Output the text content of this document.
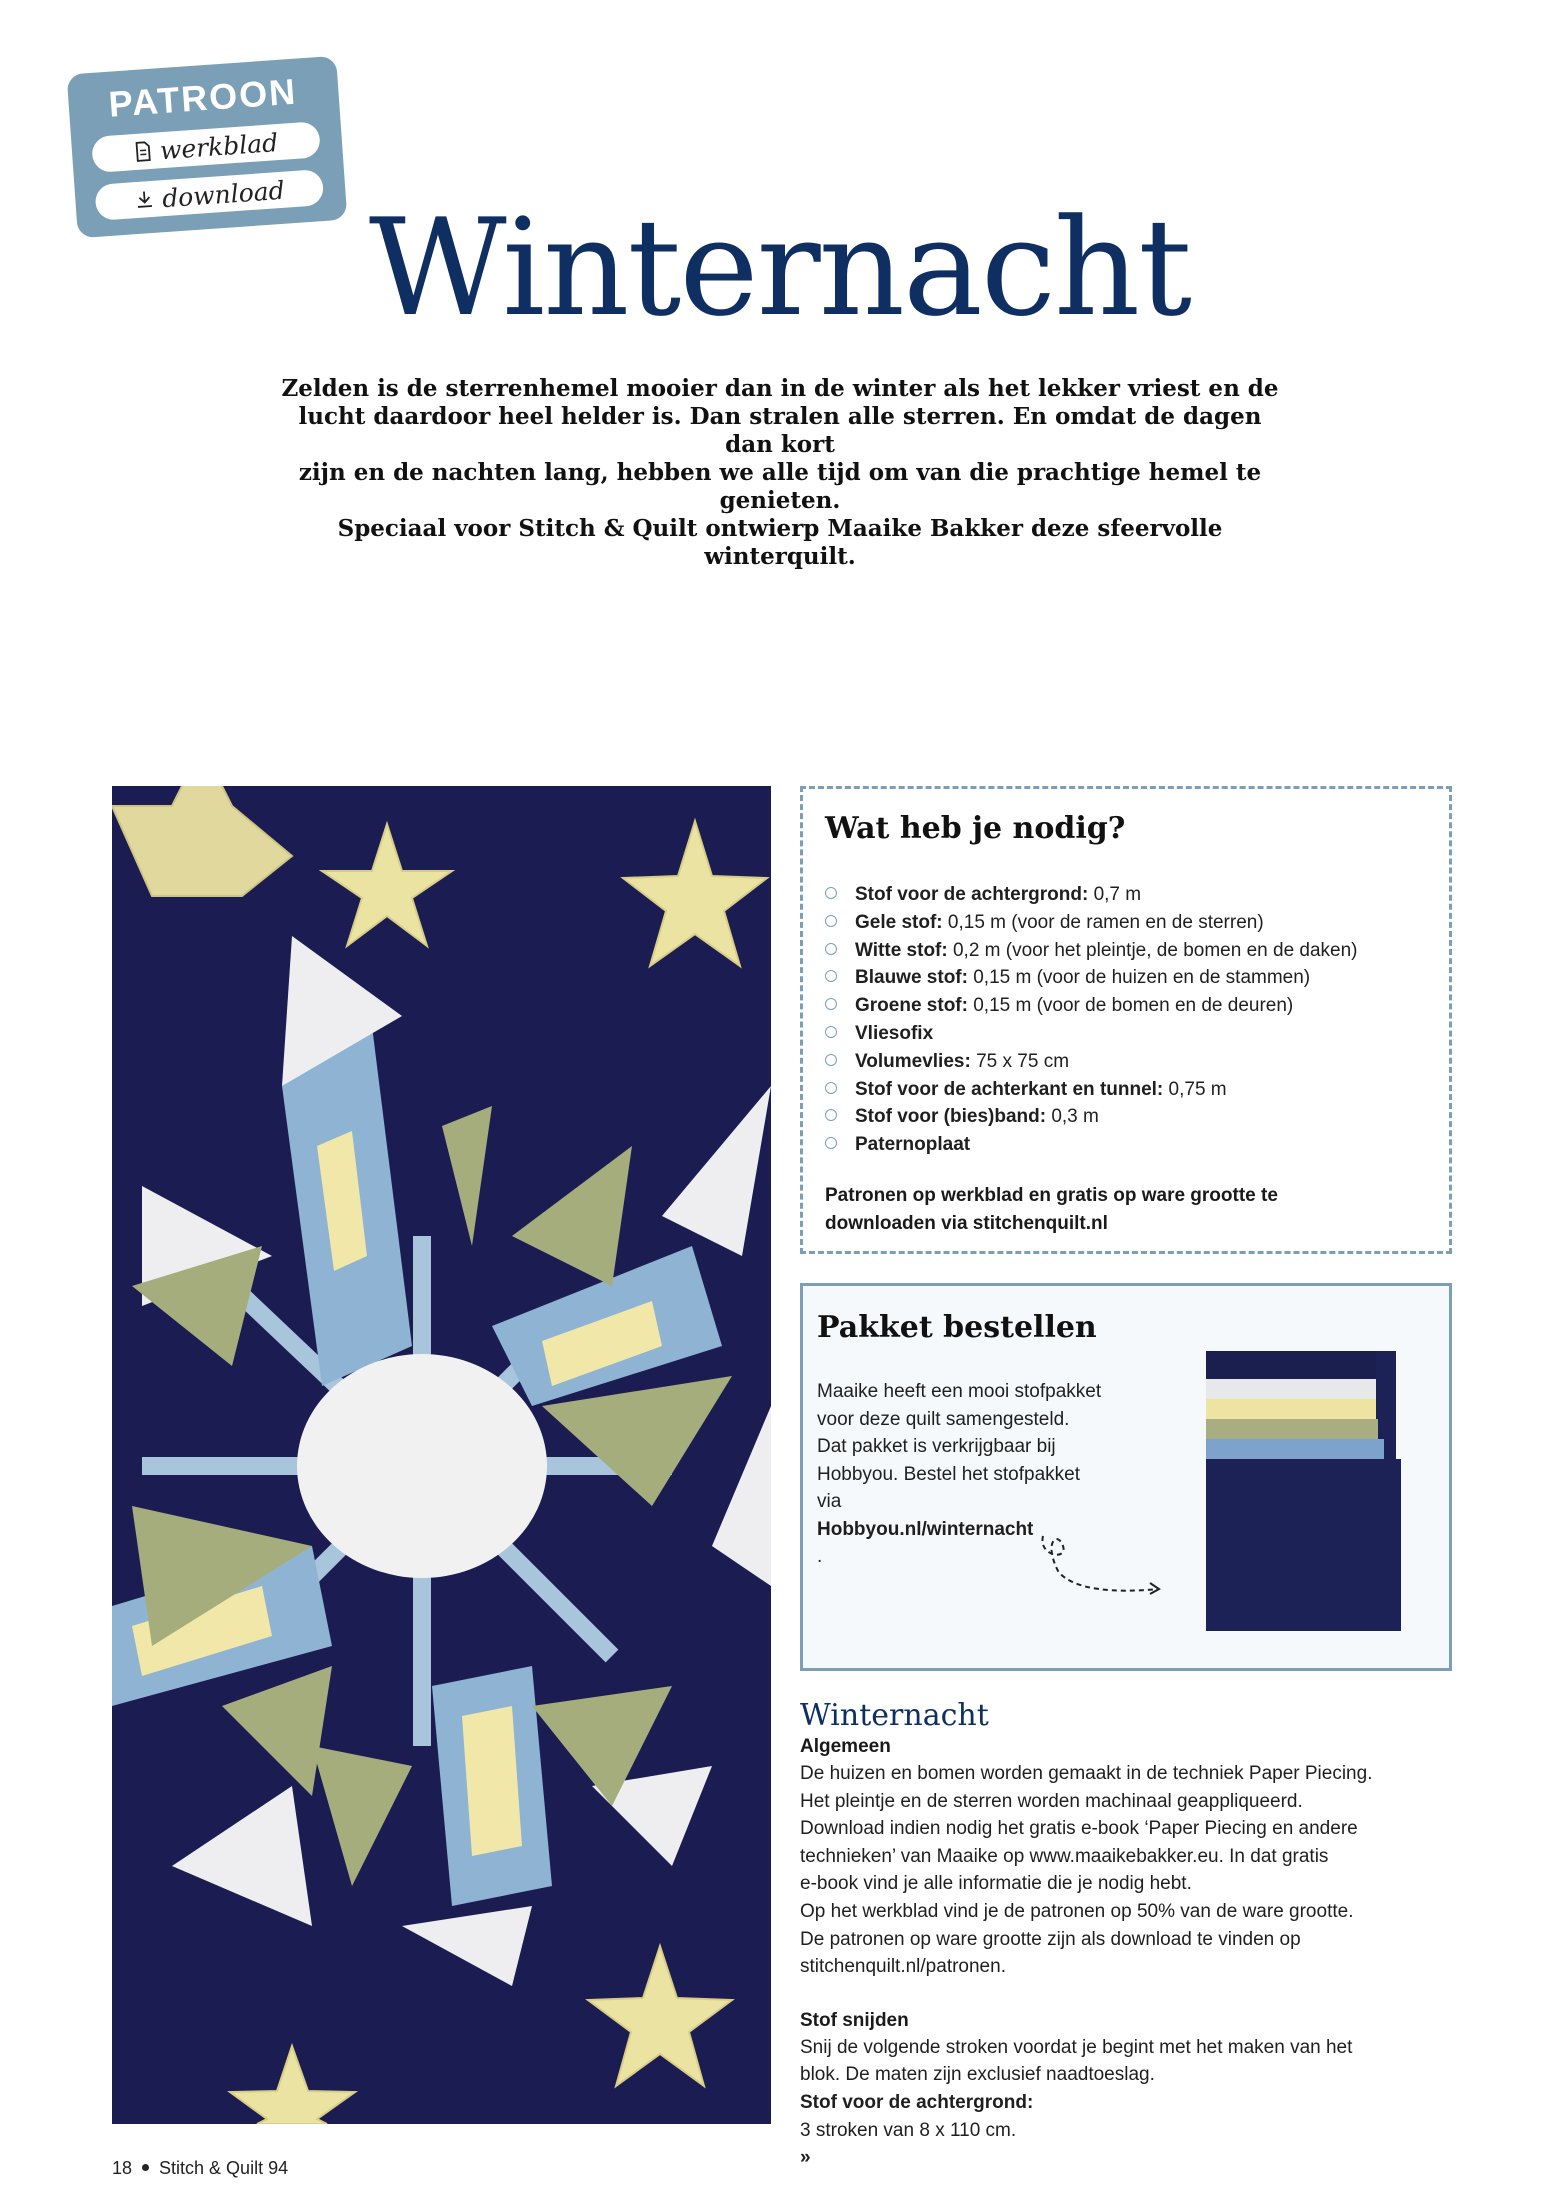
PATROON
werkblad
download Winternacht
Zelden is de sterrenhemel mooier dan in de winter als het lekker vriest en de
lucht daardoor heel helder is. Dan stralen alle sterren. En omdat de dagen dan kort
zijn en de nachten lang, hebben we alle tijd om van die prachtige hemel te genieten.
Speciaal voor Stitch & Quilt ontwierp Maaike Bakker deze sfeervolle winterquilt.
Wat heb je nodig?
Stof voor de achtergrond: 0,7 m
Gele stof: 0,15 m (voor de ramen en de sterren)
Witte stof: 0,2 m (voor het pleintje, de bomen en de daken)
Blauwe stof: 0,15 m (voor de huizen en de stammen)
Groene stof: 0,15 m (voor de bomen en de deuren)
Vliesofix
Volumevlies: 75 x 75 cm
Stof voor de achterkant en tunnel: 0,75 m
Stof voor (bies)band: 0,3 m
Paternoplaat
Patronen op werkblad en gratis op ware grootte te
downloaden via stitchenquilt.nl
Pakket bestellen
Maaike heeft een mooi stofpakket
voor deze quilt samengesteld.
Dat pakket is verkrijgbaar bij
Hobbyou. Bestel het stofpakket
via
Hobbyou.nl/winternacht
.
Winternacht
Algemeen
De huizen en bomen worden gemaakt in de techniek Paper Piecing.
Het pleintje en de sterren worden machinaal geappliqueerd.
Download indien nodig het gratis e-book ‘Paper Piecing en andere
technieken’ van Maaike op www.maaikebakker.eu. In dat gratis
e-book vind je alle informatie die je nodig hebt.
Op het werkblad vind je de patronen op 50% van de ware grootte.
De patronen op ware grootte zijn als download te vinden op
stitchenquilt.nl/patronen.
Stof snijden
Snij de volgende stroken voordat je begint met het maken van het
blok. De maten zijn exclusief naadtoeslag.
Stof voor de achtergrond:
3 stroken van 8 x 110 cm.
»
18 Stitch & Quilt 94
